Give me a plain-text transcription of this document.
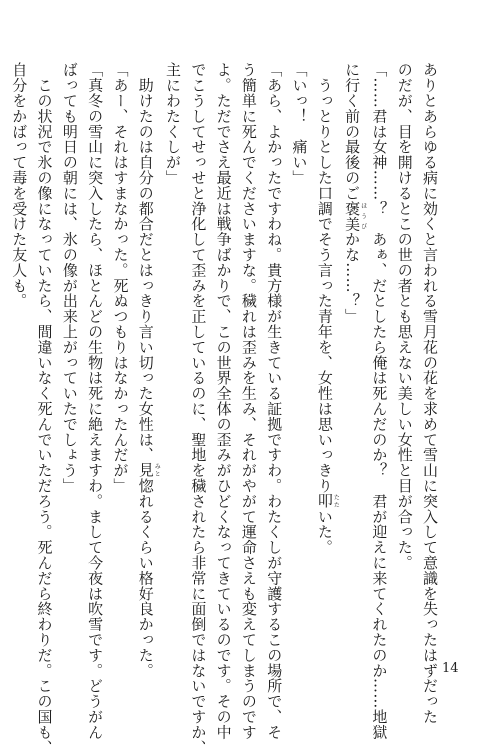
ありとあらゆる病に効くと言われる雪月花の花を求めて雪山に突入して意識を失ったはずだった
のだが、目を開けるとこの世の者とも思えない美しい女性と目が合った。
「……君は女神……？　あぁ、だとしたら俺は死んだのか？　君が迎えに来てくれたのか……地獄
に行く前の最後のご褒美ほうびかな……？」
　うっとりとした口調でそう言った青年を、女性は思いっきり叩たたいた。
「いっ！　痛い」
「あら、よかったですわね。貴方様が生きている証拠ですわ。わたくしが守護するこの場所で、そ
う簡単に死んでくださいますな。穢れは歪みを生み、それがやがて運命さえも変えてしまうのです
よ。ただでさえ最近は戦争ばかりで、この世界全体の歪みがひどくなってきているのです。その中
でこうしてせっせと浄化して歪みを正しているのに、聖地を穢されたら非常に面倒ではないですか、
主にわたくしが」
　助けたのは自分の都合だとはっきり言い切った女性は、見みと惚れるくらい格好良かった。
「あー、それはすまなかった。死ぬつもりはなかったんだが」
「真冬の雪山に突入したら、ほとんどの生物は死に絶えますわ。まして今夜は吹雪です。どうがん
ばっても明日の朝には、氷の像が出来上がっていたでしょう」
　この状況で氷の像になっていたら、間違いなく死んでいただろう。死んだら終わりだ。この国も、
自分をかばって毒を受けた友人も。
14
